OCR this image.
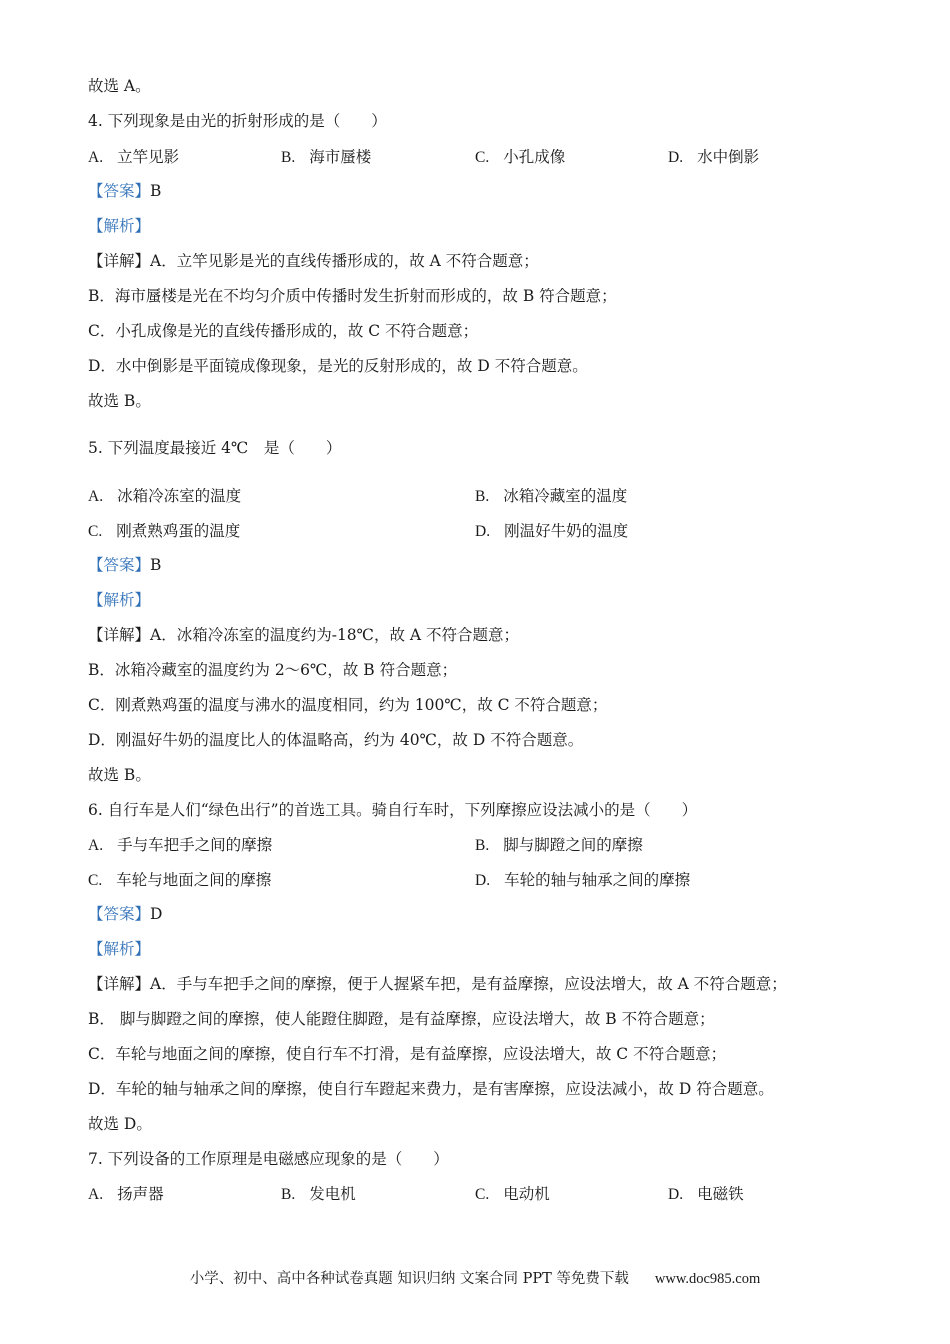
故选 A。
4. 下列现象是由光的折射形成的是（　　）
A. 立竿见影	B. 海市蜃楼	C. 小孔成像	D. 水中倒影
【答案】B
【解析】
【详解】A．立竿见影是光的直线传播形成的，故 A 不符合题意；
B．海市蜃楼是光在不均匀介质中传播时发生折射而形成的，故 B 符合题意；
C．小孔成像是光的直线传播形成的，故 C 不符合题意；
D．水中倒影是平面镜成像现象，是光的反射形成的，故 D 不符合题意。
故选 B。
5. 下列温度最接近 4℃　是（　　）
A. 冰箱冷冻室的温度	B. 冰箱冷藏室的温度
C. 刚煮熟鸡蛋的温度	D. 刚温好牛奶的温度
【答案】B
【解析】
【详解】A．冰箱冷冻室的温度约为-18℃，故 A 不符合题意；
B．冰箱冷藏室的温度约为 2～6℃，故 B 符合题意；
C．刚煮熟鸡蛋的温度与沸水的温度相同，约为 100℃，故 C 不符合题意；
D．刚温好牛奶的温度比人的体温略高，约为 40℃，故 D 不符合题意。
故选 B。
6. 自行车是人们“绿色出行”的首选工具。骑自行车时，下列摩擦应设法减小的是（　　）
A. 手与车把手之间的摩擦	B. 脚与脚蹬之间的摩擦
C. 车轮与地面之间的摩擦	D. 车轮的轴与轴承之间的摩擦
【答案】D
【解析】
【详解】A．手与车把手之间的摩擦，便于人握紧车把，是有益摩擦，应设法增大，故 A 不符合题意；
B． 脚与脚蹬之间的摩擦，使人能蹬住脚蹬，是有益摩擦，应设法增大，故 B 不符合题意；
C．车轮与地面之间的摩擦，使自行车不打滑，是有益摩擦，应设法增大，故 C 不符合题意；
D．车轮的轴与轴承之间的摩擦，使自行车蹬起来费力，是有害摩擦，应设法减小，故 D 符合题意。
故选 D。
7. 下列设备的工作原理是电磁感应现象的是（　　）
A. 扬声器	B. 发电机	C. 电动机	D. 电磁铁
小学、初中、高中各种试卷真题 知识归纳 文案合同 PPT 等免费下载 www.doc985.com
